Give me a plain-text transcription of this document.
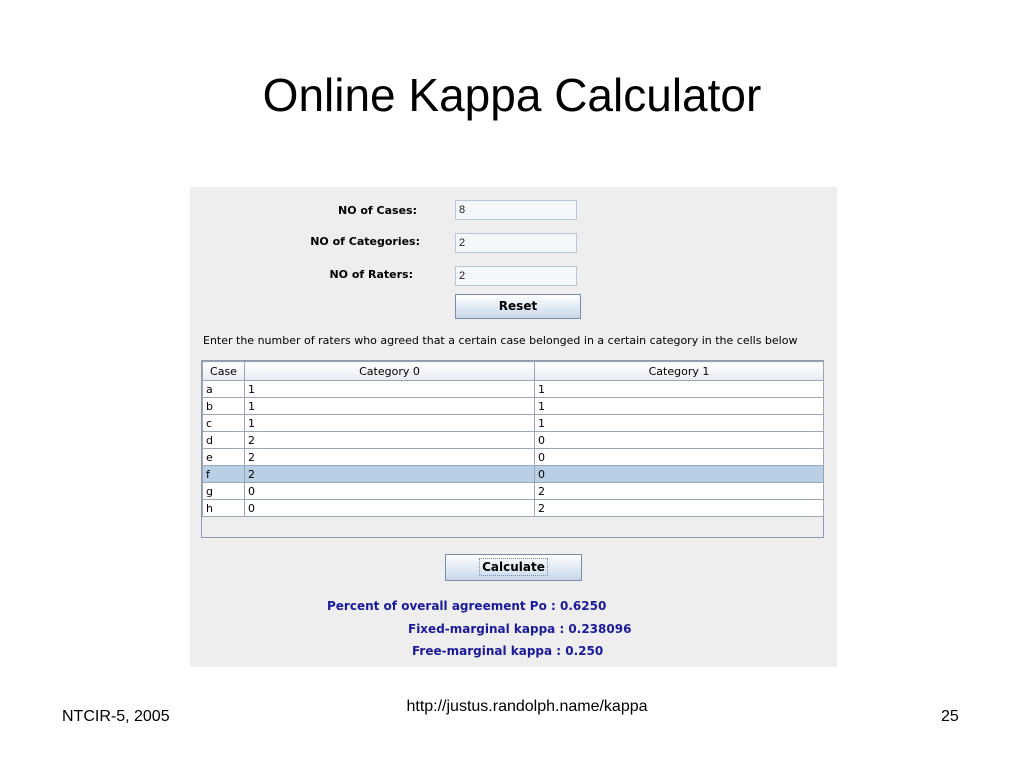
Online Kappa Calculator
NO of Cases:
8
NO of Categories:
2
NO of Raters:
2
Reset
Enter the number of raters who agreed that a certain case belonged in a certain category in the cells below
Case	Category 0	Category 1
a	1	1
b	1	1
c	1	1
d	2	0
e	2	0
f	2	0
g	0	2
h	0	2
Calculate
Percent of overall agreement Po : 0.6250
Fixed-marginal kappa : 0.238096
Free-marginal kappa : 0.250
NTCIR-5, 2005
http://justus.randolph.name/kappa
25
